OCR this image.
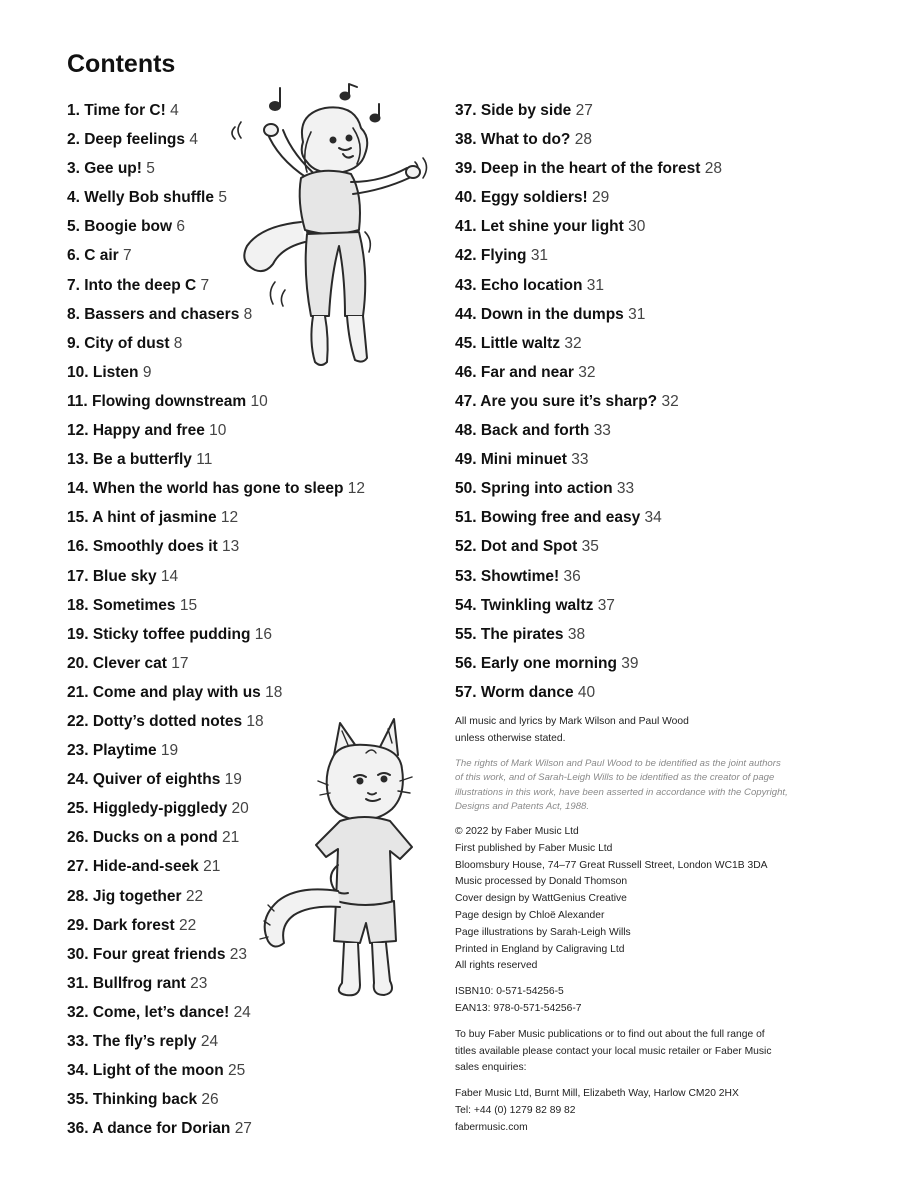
Contents
1. Time for C! 4
2. Deep feelings 4
3. Gee up! 5
4. Welly Bob shuffle 5
5. Boogie bow 6
6. C air 7
7. Into the deep C 7
8. Bassers and chasers 8
9. City of dust 8
10. Listen 9
11. Flowing downstream 10
12. Happy and free 10
13. Be a butterfly 11
14. When the world has gone to sleep 12
15. A hint of jasmine 12
16. Smoothly does it 13
17. Blue sky 14
18. Sometimes 15
19. Sticky toffee pudding 16
20. Clever cat 17
21. Come and play with us 18
22. Dotty’s dotted notes 18
23. Playtime 19
24. Quiver of eighths 19
25. Higgledy-piggledy 20
26. Ducks on a pond 21
27. Hide-and-seek 21
28. Jig together 22
29. Dark forest 22
30. Four great friends 23
31. Bullfrog rant 23
32. Come, let’s dance! 24
33. The fly’s reply 24
34. Light of the moon 25
35. Thinking back 26
36. A dance for Dorian 27
37. Side by side 27
38. What to do? 28
39. Deep in the heart of the forest 28
40. Eggy soldiers! 29
41. Let shine your light 30
42. Flying 31
43. Echo location 31
44. Down in the dumps 31
45. Little waltz 32
46. Far and near 32
47. Are you sure it’s sharp? 32
48. Back and forth 33
49. Mini minuet 33
50. Spring into action 33
51. Bowing free and easy 34
52. Dot and Spot 35
53. Showtime! 36
54. Twinkling waltz 37
55. The pirates 38
56. Early one morning 39
57. Worm dance 40

All music and lyrics by Mark Wilson and Paul Wood
unless otherwise stated.

The rights of Mark Wilson and Paul Wood to be identified as the joint authors
of this work, and of Sarah-Leigh Wills to be identified as the creator of page
illustrations in this work, have been asserted in accordance with the Copyright,
Designs and Patents Act, 1988.

© 2022 by Faber Music Ltd
First published by Faber Music Ltd
Bloomsbury House, 74–77 Great Russell Street, London WC1B 3DA
Music processed by Donald Thomson
Cover design by WattGenius Creative
Page design by Chloë Alexander
Page illustrations by Sarah-Leigh Wills
Printed in England by Caligraving Ltd
All rights reserved

ISBN10: 0-571-54256-5
EAN13: 978-0-571-54256-7

To buy Faber Music publications or to find out about the full range of
titles available please contact your local music retailer or Faber Music
sales enquiries:

Faber Music Ltd, Burnt Mill, Elizabeth Way, Harlow CM20 2HX
Tel: +44 (0) 1279 82 89 82
fabermusic.com
